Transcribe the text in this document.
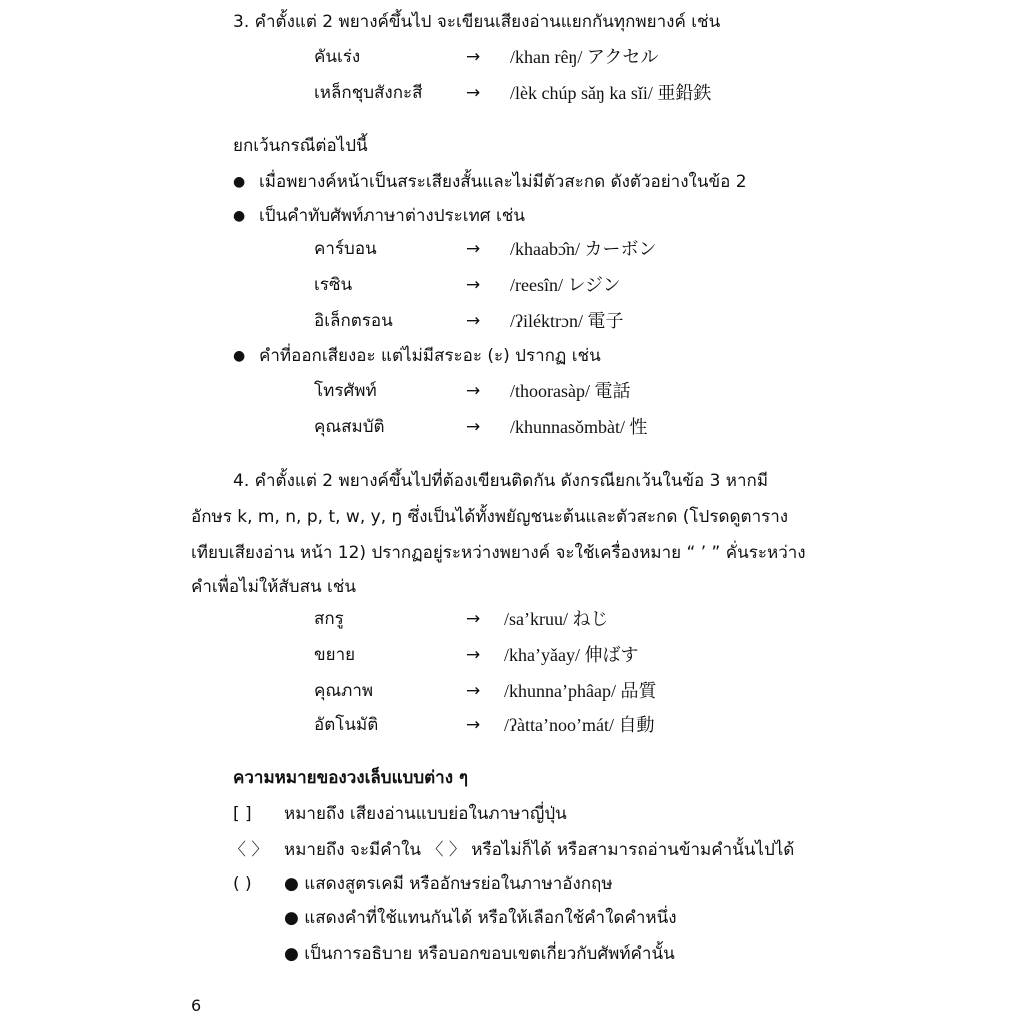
3. คำตั้งแต่ 2 พยางค์ขึ้นไป จะเขียนเสียงอ่านแยกกันทุกพยางค์ เช่น
คันเร่ง	→ /khan rêŋ/ アクセル
เหล็กชุบสังกะสี	→ /lèk chúp sǎŋ ka sǐi/ 亜鉛鉄
ยกเว้นกรณีต่อไปนี้
● เมื่อพยางค์หน้าเป็นสระเสียงสั้นและไม่มีตัวสะกด ดังตัวอย่างในข้อ 2
● เป็นคำทับศัพท์ภาษาต่างประเทศ เช่น
คาร์บอน	→ /khaabɔ̂n/ カーボン
เรซิน	→ /reesîn/ レジン
อิเล็กตรอน	→ /ʔiléktrɔn/ 電子
● คำที่ออกเสียงอะ แต่ไม่มีสระอะ (ะ) ปรากฏ เช่น
โทรศัพท์	→ /thoorasàp/ 電話
คุณสมบัติ	→ /khunnasǒmbàt/ 性
4. คำตั้งแต่ 2 พยางค์ขึ้นไปที่ต้องเขียนติดกัน ดังกรณียกเว้นในข้อ 3 หากมี
อักษร k, m, n, p, t, w, y, ŋ ซึ่งเป็นได้ทั้งพยัญชนะต้นและตัวสะกด (โปรดดูตาราง
เทียบเสียงอ่าน หน้า 12) ปรากฏอยู่ระหว่างพยางค์ จะใช้เครื่องหมาย “ ’ ” คั่นระหว่าง
คำเพื่อไม่ให้สับสน เช่น
สกรู	→ /sa’kruu/ ねじ
ขยาย	→ /kha’yǎay/ 伸ばす
คุณภาพ	→ /khunna’phâap/ 品質
อัตโนมัติ	→ /ʔàtta’noo’mát/ 自動
ความหมายของวงเล็บแบบต่าง ๆ
[ ] หมายถึง เสียงอ่านแบบย่อในภาษาญี่ปุ่น
〈 〉 หมายถึง จะมีคำใน 〈 〉 หรือไม่ก็ได้ หรือสามารถอ่านข้ามคำนั้นไปได้
( ) ● แสดงสูตรเคมี หรืออักษรย่อในภาษาอังกฤษ
● แสดงคำที่ใช้แทนกันได้ หรือให้เลือกใช้คำใดคำหนึ่ง
● เป็นการอธิบาย หรือบอกขอบเขตเกี่ยวกับศัพท์คำนั้น
6
